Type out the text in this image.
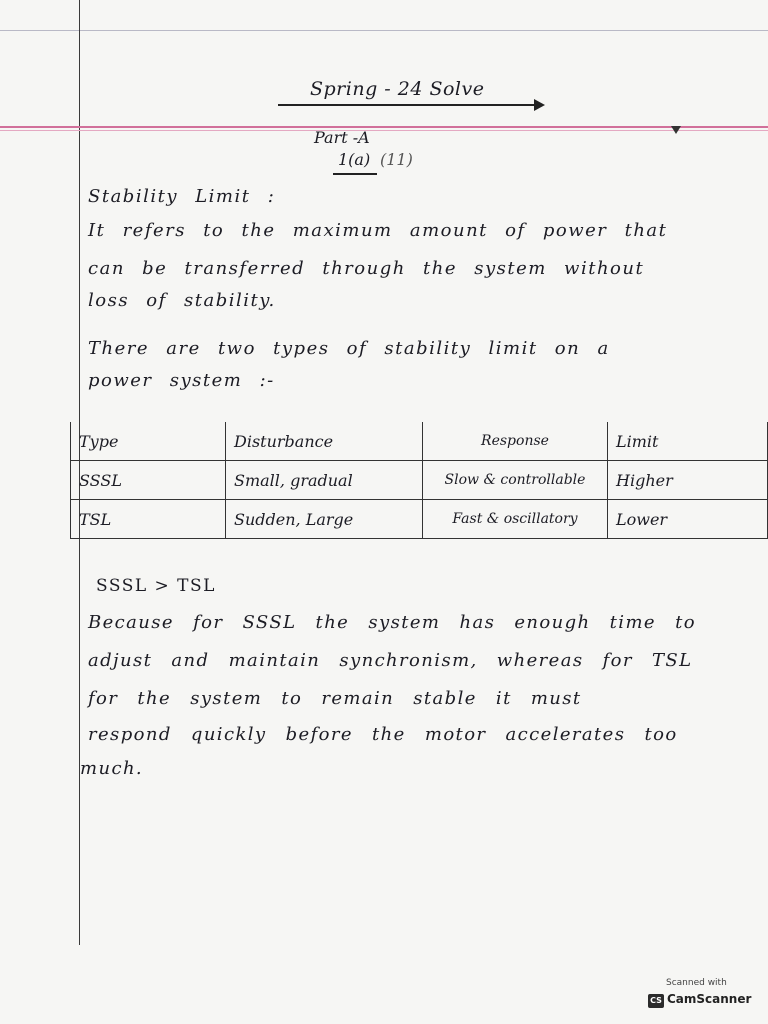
Spring - 24 Solve
Part -A
1(a) (11)
Stability Limit :
It refers to the maximum amount of power that
can be transferred through the system without
loss of stability.
There are two types of stability limit on a
power system :-
Type	Disturbance	Response	Limit
SSSL	Small, gradual	Slow & controllable	Higher
TSL	Sudden, Large	Fast & oscillatory	Lower
SSSL > TSL
Because for SSSL the system has enough time to
adjust and maintain synchronism, whereas for TSL
for the system to remain stable it must
respond quickly before the motor accelerates too
much.
Scanned with
CS CamScanner
